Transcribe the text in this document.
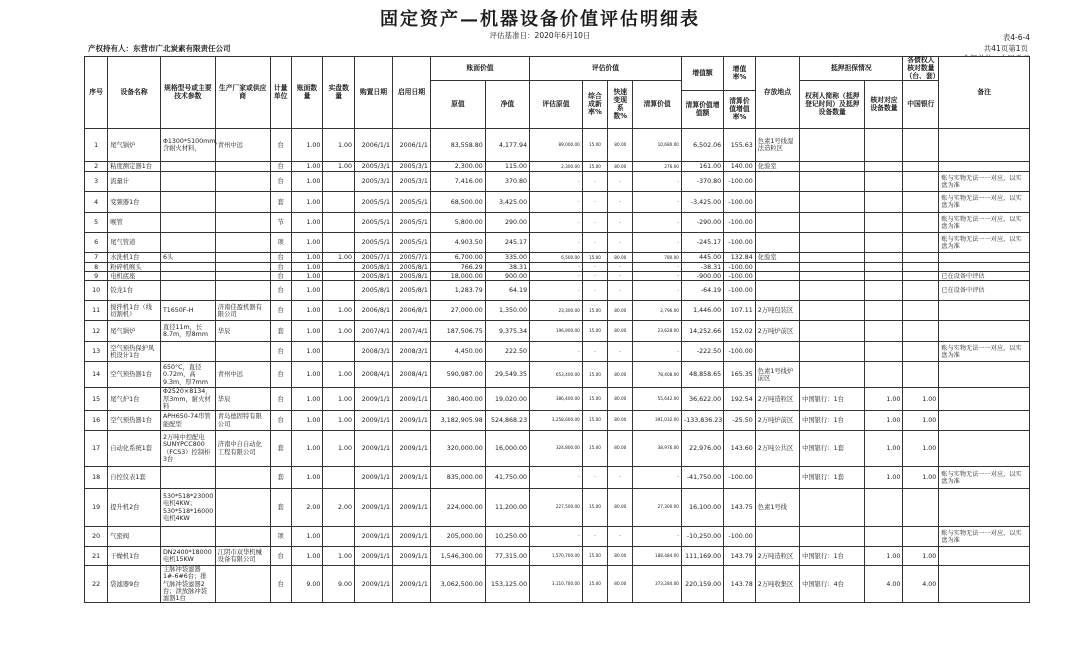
固定资产—机器设备价值评估明细表
评估基准日：2020年6月10日	表4-6-4
产权持有人：东营市广北炭素有限责任公司	共41页第1页
序号	设备名称	规格型号或主要技术参数	生产厂家或供应商	计量单位	账面数量	实盘数量	购置日期	启用日期	账面价值		评估价值				增值额	增值率%	存放地点	抵押担保情况		各债权人核对数量（台、套）	备注
									原值	净值	评估原值	综合成新率%	快速变现系数%	清算价值				权利人简称（抵押登记时间）及抵押设备数量	核对对应设备数量	中国银行	
															清算价值增值额	清算价值增值率%					
1	尾气锅炉	Φ1300*5100mm，含耐火材料，	青州中远	台	1.00	1.00	2006/1/1	2006/1/1	83,558.80	4,177.94	89,000.00	15.00	80.00	10,680.00	6,502.06	155.63	色素1号线湿法造粒区				
2	粘度测定器1台			台	1.00	1.00	2005/3/1	2005/3/1	2,300.00	115.00	2,300.00	15.00	80.00	276.00	161.00	140.00	化验室				
3	流量计			台	1.00		2005/3/1	2005/3/1	7,416.00	370.80	-	-	-	-	-370.80	-100.00					账与实物无法一一对应，以实盘为准
4	变频器1台			套	1.00		2005/5/1	2005/5/1	68,500.00	3,425.00	-	-	-	-	-3,425.00	-100.00					账与实物无法一一对应，以实盘为准
5	喉管			节	1.00		2005/5/1	2005/5/1	5,800.00	290.00	-	-	-	-	-290.00	-100.00					账与实物无法一一对应，以实盘为准
6	尾气管道			项	1.00		2005/5/1	2005/5/1	4,903.50	245.17	-	-	-	-	-245.17	-100.00					账与实物无法一一对应，以实盘为准
7	水洗机1台	6头		台	1.00	1.00	2005/7/1	2005/7/1	6,700.00	335.00	6,500.00	15.00	80.00	780.00	445.00	132.84	化验室				
8	粉碎机喉头			台	1.00		2005/8/1	2005/8/1	766.29	38.31	-	-	-	-	-38.31	-100.00					
9	电机底座			台	1.00		2005/8/1	2005/8/1	18,000.00	900.00	-	-	-	-	-900.00	-100.00					已在设备中评估
10	铰龙1台			台	1.00		2005/8/1	2005/8/1	1,283.79	64.19	-	-	-	-	-64.19	-100.00					已在设备中评估
11	搅拌机1台（线切割机）	T1650F-H	济南佳盈机器有限公司	台	1.00	1.00	2006/8/1	2006/8/1	27,000.00	1,350.00	23,300.00	15.00	80.00	2,796.00	1,446.00	107.11	2万吨包装区				
12	尾气锅炉	直径11m，长8.7m，厚8mm	华辰	套	1.00	1.00	2007/4/1	2007/4/1	187,506.75	9,375.34	196,900.00	15.00	80.00	23,628.00	14,252.66	152.02	2万吨炉前区				
13	空气预热保护风机设计1台			台	1.00		2008/3/1	2008/3/1	4,450.00	222.50	-	-	-	-	-222.50	-100.00					账与实物无法一一对应，以实盘为准
14	空气预热器1台	650°C，直径0.72m，高9.3m，厚7mm	青州中远	台	1.00	1.00	2008/4/1	2008/4/1	590,987.00	29,549.35	653,400.00	15.00	80.00	78,408.00	48,858.65	165.35	色素1号线炉前区				
15	尾气炉1台	Φ2520×8134，厚3mm，耐火材料	华辰	台	1.00	1.00	2009/1/1	2009/1/1	380,400.00	19,020.00	386,400.00	15.00	80.00	55,642.00	36,622.00	192.54	2万吨造粒区	中国银行：1台	1.00	1.00	
16	空气预热器1台	APH650-74串管能配型	青岛德固特有限公司	台	1.00	1.00	2009/1/1	2009/1/1	3,182,905.98	524,868.23	3,258,600.00	15.00	80.00	391,032.00	-133,836.23	-25.50	2万吨炉前区	中国银行：1台	1.00	1.00	
17	自动化系统1套	2万吨中控配电SUNYPCC800（FCS3）控制柜3台	济南中自自动化工程有限公司	套	1.00	1.00	2009/1/1	2009/1/1	320,000.00	16,000.00	324,800.00	15.00	80.00	38,976.00	22,976.00	143.60	2万吨公共区	中国银行：1套	1.00	1.00	
18	自控仪表1套			套	1.00		2009/1/1	2009/1/1	835,000.00	41,750.00	-	-	-	-	-41,750.00	-100.00		中国银行：1套	1.00	1.00	账与实物无法一一对应，以实盘为准
19	提升机2台	530*518*23000电机4KW；530*518*16000电机4KW		套	2.00	2.00	2009/1/1	2009/1/1	224,000.00	11,200.00	227,500.00	15.00	80.00	27,300.00	16,100.00	143.75	色素1号线				
20	气密阀			项	1.00		2009/1/1	2009/1/1	205,000.00	10,250.00	-	-	-	-	-10,250.00	-100.00					账与实物无法一一对应，以实盘为准
21	干燥机1台	DN2400*18000电机15KW	江阴市双华机械设备有限公司	台	1.00	1.00	2009/1/1	2009/1/1	1,546,300.00	77,315.00	1,570,700.00	15.00	80.00	188,484.00	111,169.00	143.79	2万吨造粒区	中国银行：1台	1.00	1.00	
22	袋滤器9台	主脉冲袋滤器1#-6#6台；排气脉冲袋滤器2台；泄放脉冲袋滤器1台		台	9.00	9.00	2009/1/1	2009/1/1	3,062,500.00	153,125.00	3,110,700.00	15.00	80.00	373,284.00	220,159.00	143.78	2万吨收集区	中国银行：4台	4.00	4.00	
